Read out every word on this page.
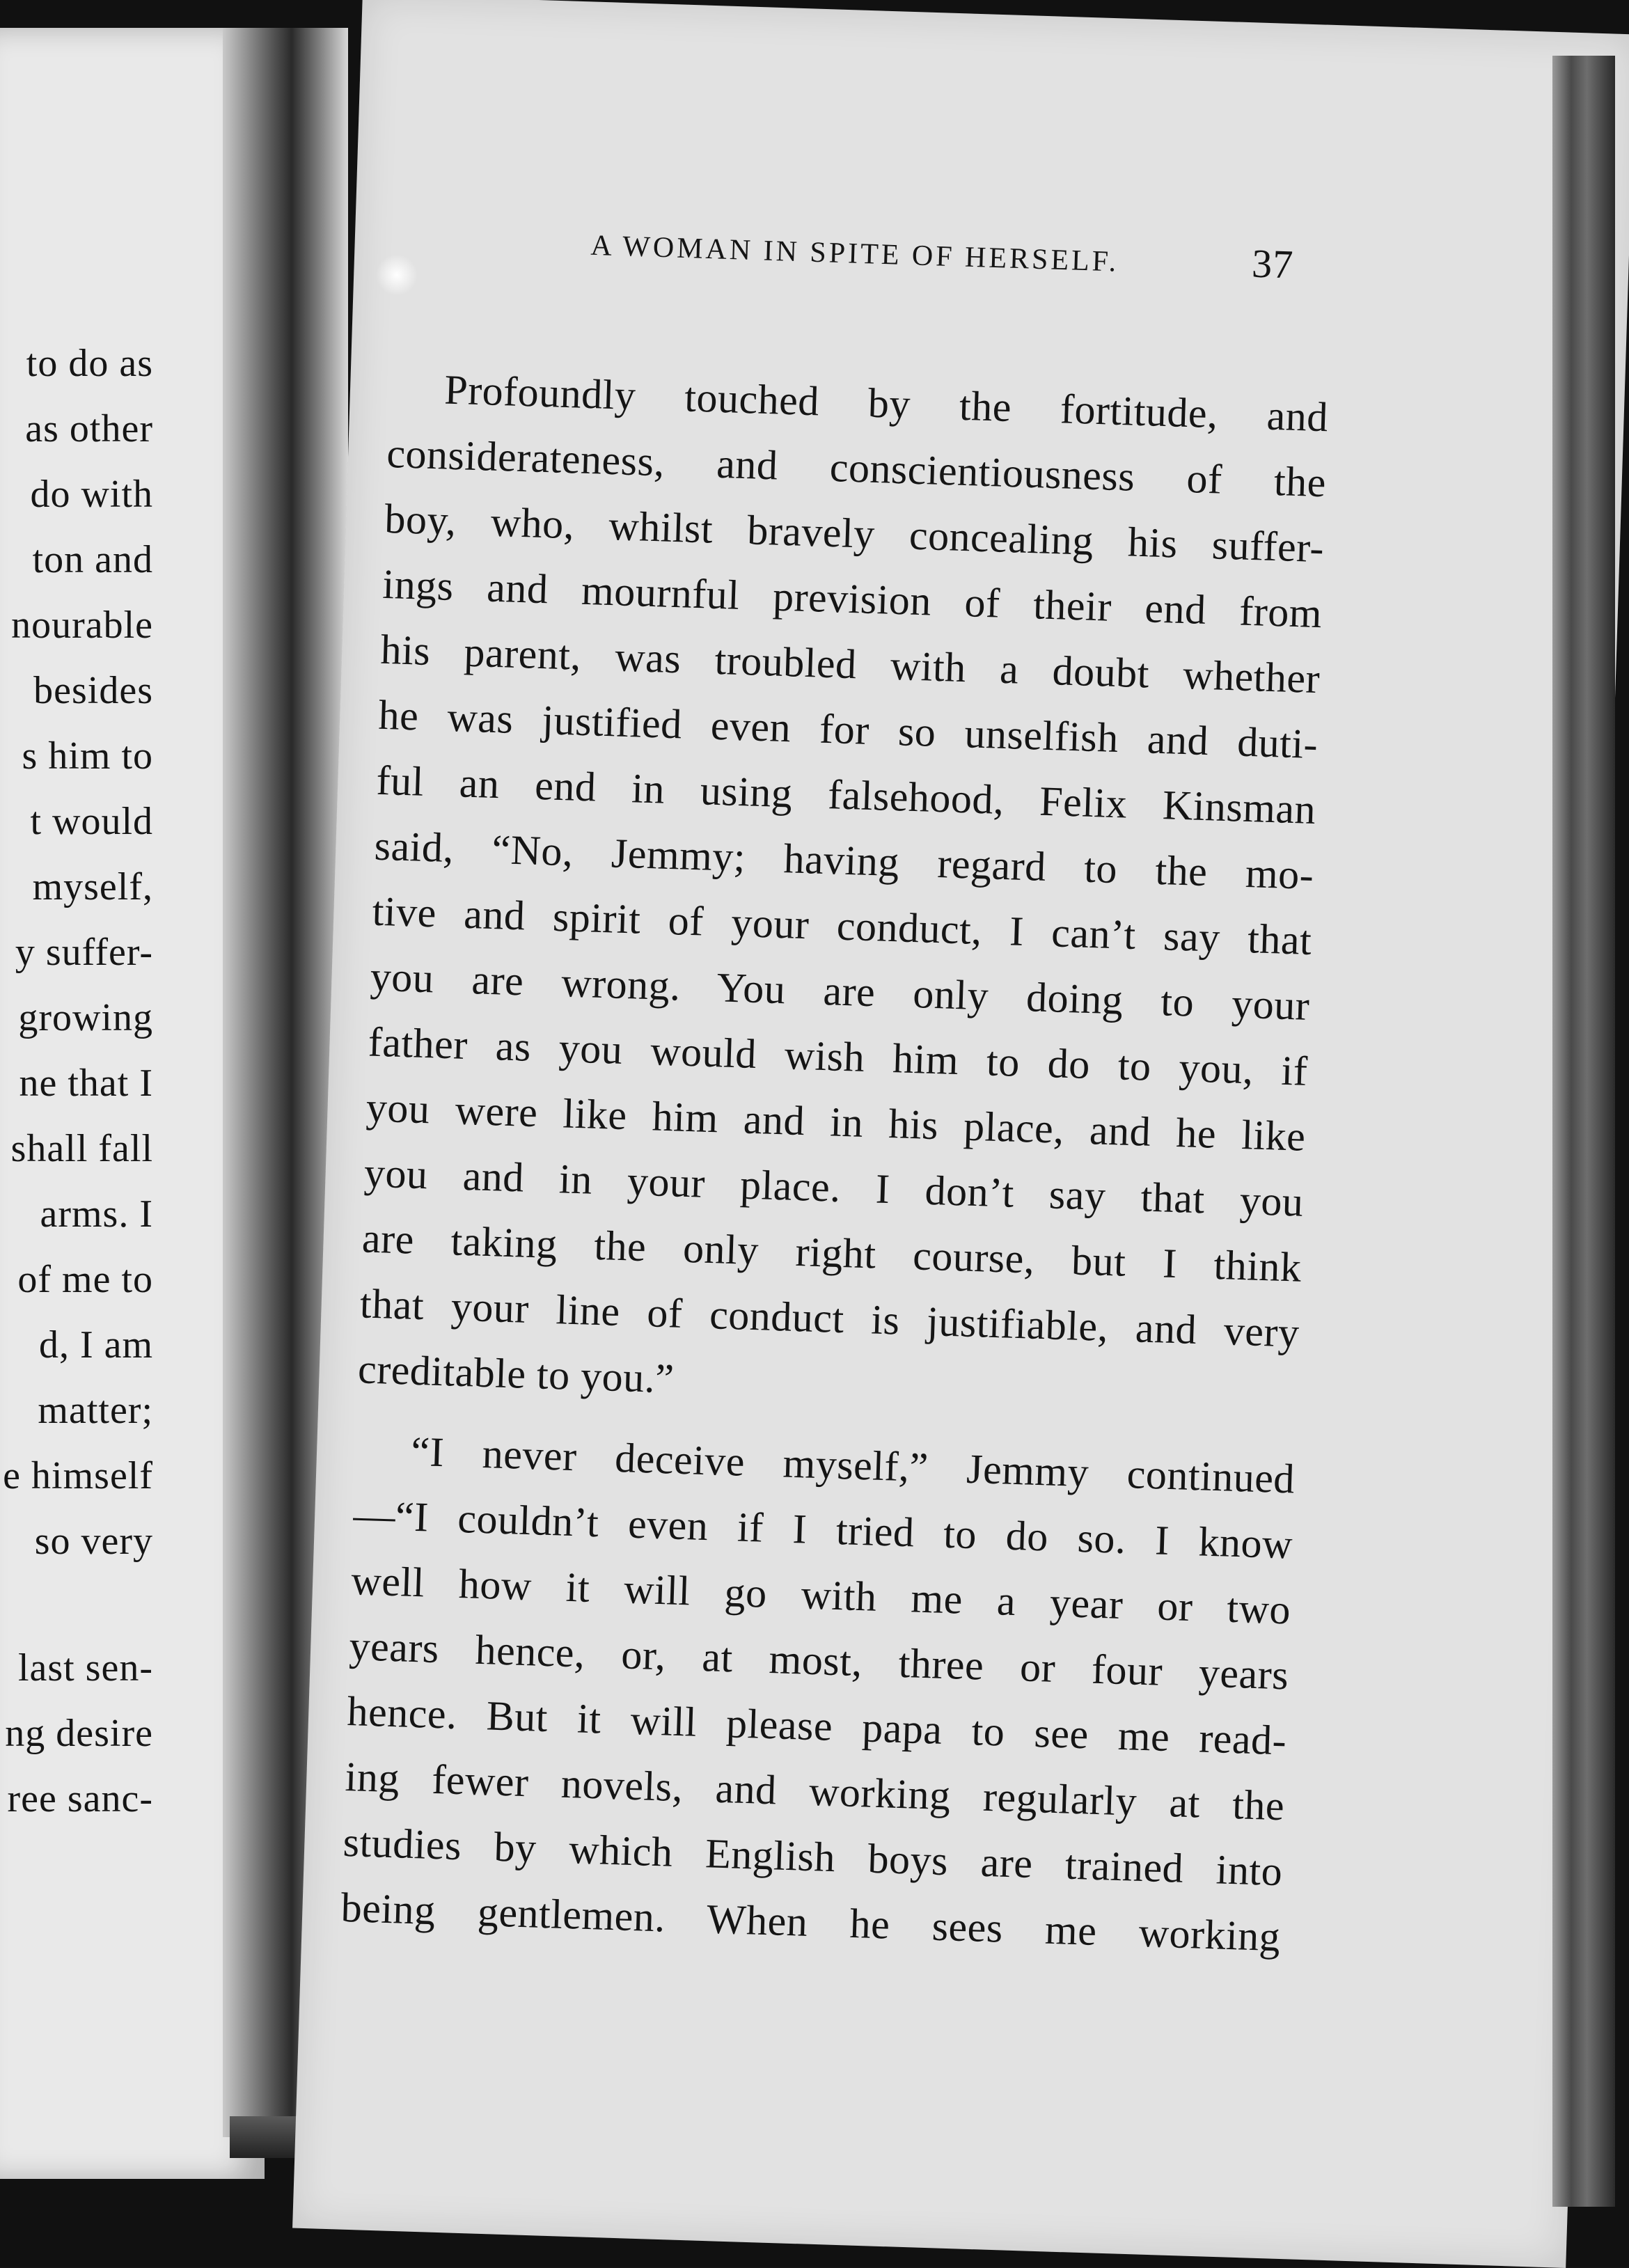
to do as
as other
do with
ton and
nourable
besides
s him to
t would
myself,
y suffer-
growing
ne that I
shall fall
arms. I
of me to
d, I am
matter;
e himself
so very
last sen-
ng desire
ree sanc-
A WOMAN IN SPITE OF HERSELF.	37
Profoundly touched by the fortitude, and
considerateness, and conscientiousness of the
boy, who, whilst bravely concealing his suffer-
ings and mournful prevision of their end from
his parent, was troubled with a doubt whether
he was justified even for so unselfish and duti-
ful an end in using falsehood, Felix Kinsman
said, “No, Jemmy; having regard to the mo-
tive and spirit of your conduct, I can’t say that
you are wrong. You are only doing to your
father as you would wish him to do to you, if
you were like him and in his place, and he like
you and in your place. I don’t say that you
are taking the only right course, but I think
that your line of conduct is justifiable, and very
creditable to you.”
“I never deceive myself,” Jemmy continued
—“I couldn’t even if I tried to do so. I know
well how it will go with me a year or two
years hence, or, at most, three or four years
hence. But it will please papa to see me read-
ing fewer novels, and working regularly at the
studies by which English boys are trained into
being gentlemen. When he sees me working
